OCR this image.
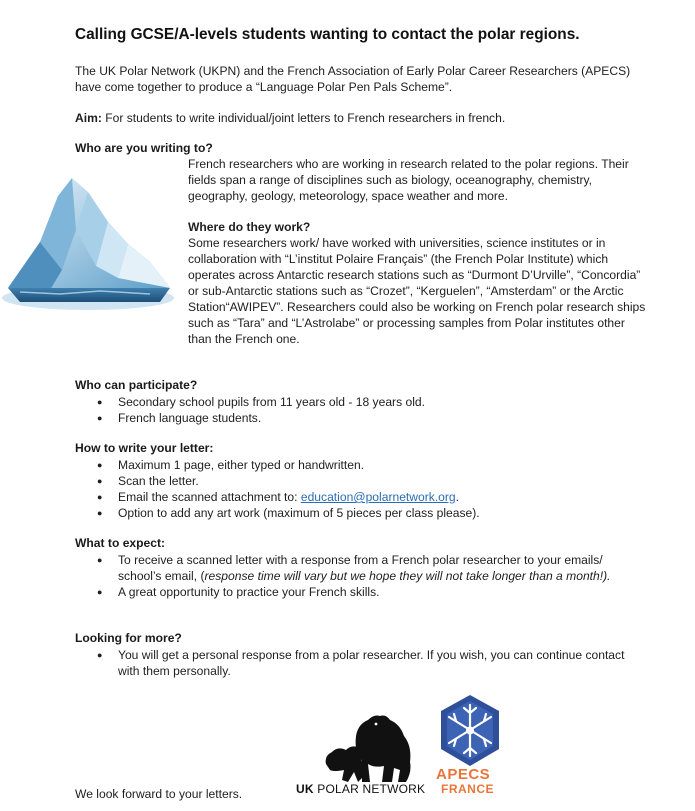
Calling GCSE/A-levels students wanting to contact the polar regions.
The UK Polar Network (UKPN) and the French Association of Early Polar Career Researchers (APECS) have come together to produce a “Language Polar Pen Pals Scheme”.
Aim: For students to write individual/joint letters to French researchers in french.
Who are you writing to?
French researchers who are working in research related to the polar regions. Their fields span a range of disciplines such as biology, oceanography, chemistry, geography, geology, meteorology, space weather and more.
Where do they work?
Some researchers work/ have worked with universities, science institutes or in collaboration with “L’institut Polaire Français” (the French Polar Institute) which operates across Antarctic research stations such as “Durmont D’Urville”, “Concordia” or sub-Antarctic stations such as “Crozet”, “Kerguelen”, “Amsterdam” or the Arctic Station“AWIPEV”. Researchers could also be working on French polar research ships such as “Tara” and “L’Astrolabe” or processing samples from Polar institutes other than the French one.
Who can participate?
● Secondary school pupils from 11 years old - 18 years old.
● French language students.
How to write your letter:
● Maximum 1 page, either typed or handwritten.
● Scan the letter.
● Email the scanned attachment to: education@polarnetwork.org.
● Option to add any art work (maximum of 5 pieces per class please).
What to expect:
● To receive a scanned letter with a response from a French polar researcher to your emails/ school’s email, (response time will vary but we hope they will not take longer than a month!).
● A great opportunity to practice your French skills.
Looking for more?
● You will get a personal response from a polar researcher. If you wish, you can continue contact with them personally.
UK POLAR NETWORK
APECS
FRANCE
We look forward to your letters.
